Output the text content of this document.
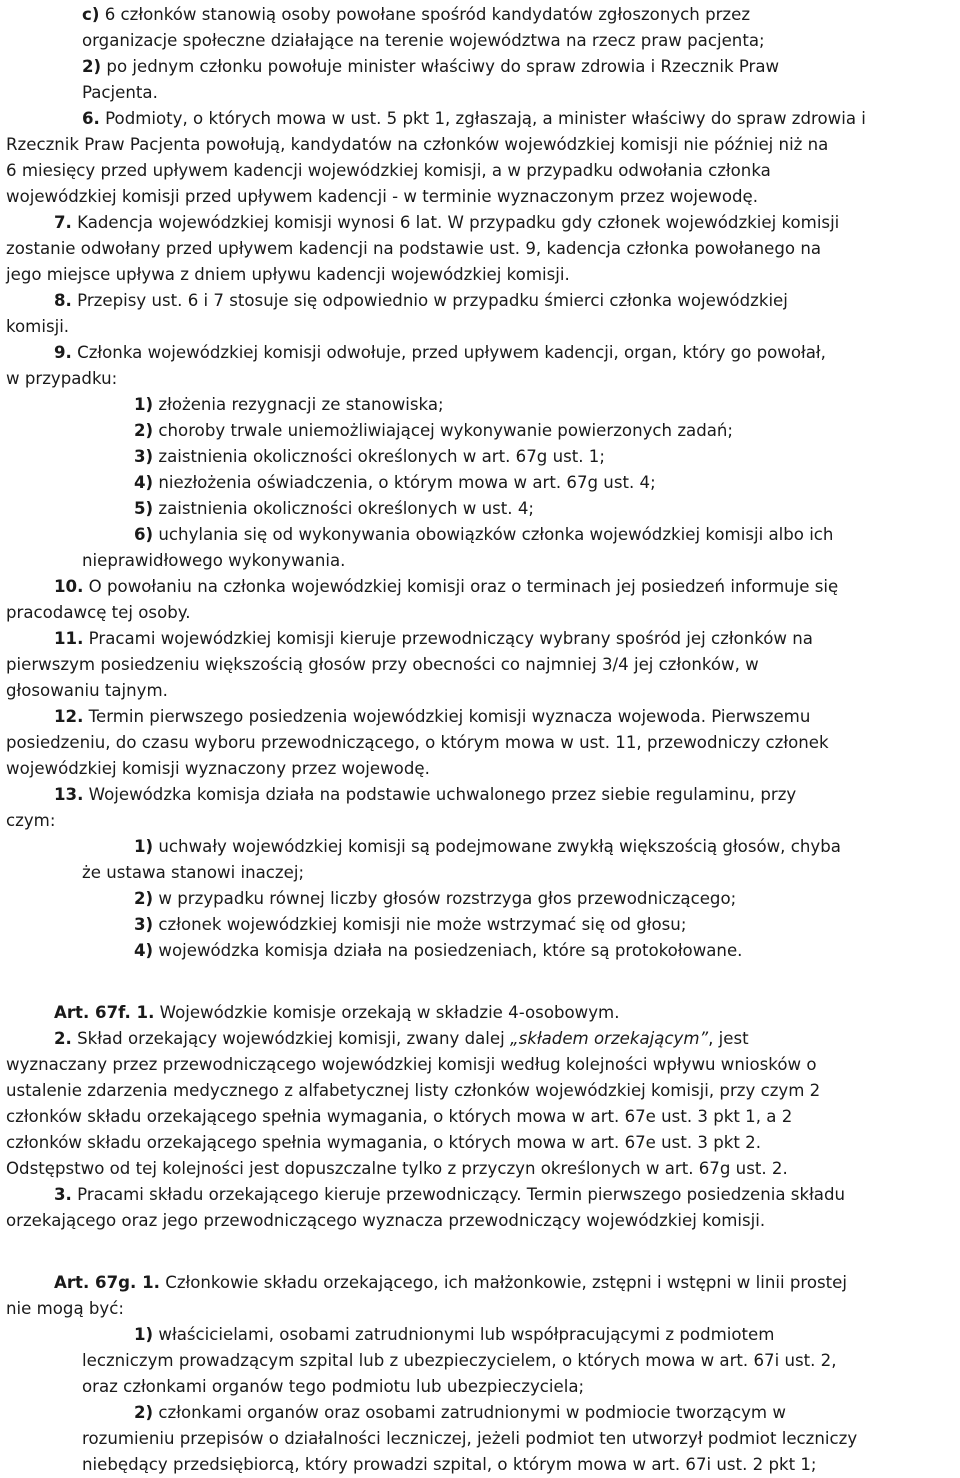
c) 6 członków stanowią osoby powołane spośród kandydatów zgłoszonych przez
organizacje społeczne działające na terenie województwa na rzecz praw pacjenta;
2) po jednym członku powołuje minister właściwy do spraw zdrowia i Rzecznik Praw
Pacjenta.
6. Podmioty, o których mowa w ust. 5 pkt 1, zgłaszają, a minister właściwy do spraw zdrowia i
Rzecznik Praw Pacjenta powołują, kandydatów na członków wojewódzkiej komisji nie później niż na
6 miesięcy przed upływem kadencji wojewódzkiej komisji, a w przypadku odwołania członka
wojewódzkiej komisji przed upływem kadencji - w terminie wyznaczonym przez wojewodę.
7. Kadencja wojewódzkiej komisji wynosi 6 lat. W przypadku gdy członek wojewódzkiej komisji
zostanie odwołany przed upływem kadencji na podstawie ust. 9, kadencja członka powołanego na
jego miejsce upływa z dniem upływu kadencji wojewódzkiej komisji.
8. Przepisy ust. 6 i 7 stosuje się odpowiednio w przypadku śmierci członka wojewódzkiej
komisji.
9. Członka wojewódzkiej komisji odwołuje, przed upływem kadencji, organ, który go powołał,
w przypadku:
1) złożenia rezygnacji ze stanowiska;
2) choroby trwale uniemożliwiającej wykonywanie powierzonych zadań;
3) zaistnienia okoliczności określonych w art. 67g ust. 1;
4) niezłożenia oświadczenia, o którym mowa w art. 67g ust. 4;
5) zaistnienia okoliczności określonych w ust. 4;
6) uchylania się od wykonywania obowiązków członka wojewódzkiej komisji albo ich
nieprawidłowego wykonywania.
10. O powołaniu na członka wojewódzkiej komisji oraz o terminach jej posiedzeń informuje się
pracodawcę tej osoby.
11. Pracami wojewódzkiej komisji kieruje przewodniczący wybrany spośród jej członków na
pierwszym posiedzeniu większością głosów przy obecności co najmniej 3/4 jej członków, w
głosowaniu tajnym.
12. Termin pierwszego posiedzenia wojewódzkiej komisji wyznacza wojewoda. Pierwszemu
posiedzeniu, do czasu wyboru przewodniczącego, o którym mowa w ust. 11, przewodniczy członek
wojewódzkiej komisji wyznaczony przez wojewodę.
13. Wojewódzka komisja działa na podstawie uchwalonego przez siebie regulaminu, przy
czym:
1) uchwały wojewódzkiej komisji są podejmowane zwykłą większością głosów, chyba
że ustawa stanowi inaczej;
2) w przypadku równej liczby głosów rozstrzyga głos przewodniczącego;
3) członek wojewódzkiej komisji nie może wstrzymać się od głosu;
4) wojewódzka komisja działa na posiedzeniach, które są protokołowane.
Art. 67f. 1. Wojewódzkie komisje orzekają w składzie 4-osobowym.
2. Skład orzekający wojewódzkiej komisji, zwany dalej „składem orzekającym”, jest
wyznaczany przez przewodniczącego wojewódzkiej komisji według kolejności wpływu wniosków o
ustalenie zdarzenia medycznego z alfabetycznej listy członków wojewódzkiej komisji, przy czym 2
członków składu orzekającego spełnia wymagania, o których mowa w art. 67e ust. 3 pkt 1, a 2
członków składu orzekającego spełnia wymagania, o których mowa w art. 67e ust. 3 pkt 2.
Odstępstwo od tej kolejności jest dopuszczalne tylko z przyczyn określonych w art. 67g ust. 2.
3. Pracami składu orzekającego kieruje przewodniczący. Termin pierwszego posiedzenia składu
orzekającego oraz jego przewodniczącego wyznacza przewodniczący wojewódzkiej komisji.
Art. 67g. 1. Członkowie składu orzekającego, ich małżonkowie, zstępni i wstępni w linii prostej
nie mogą być:
1) właścicielami, osobami zatrudnionymi lub współpracującymi z podmiotem
leczniczym prowadzącym szpital lub z ubezpieczycielem, o których mowa w art. 67i ust. 2,
oraz członkami organów tego podmiotu lub ubezpieczyciela;
2) członkami organów oraz osobami zatrudnionymi w podmiocie tworzącym w
rozumieniu przepisów o działalności leczniczej, jeżeli podmiot ten utworzył podmiot leczniczy
niebędący przedsiębiorcą, który prowadzi szpital, o którym mowa w art. 67i ust. 2 pkt 1;
